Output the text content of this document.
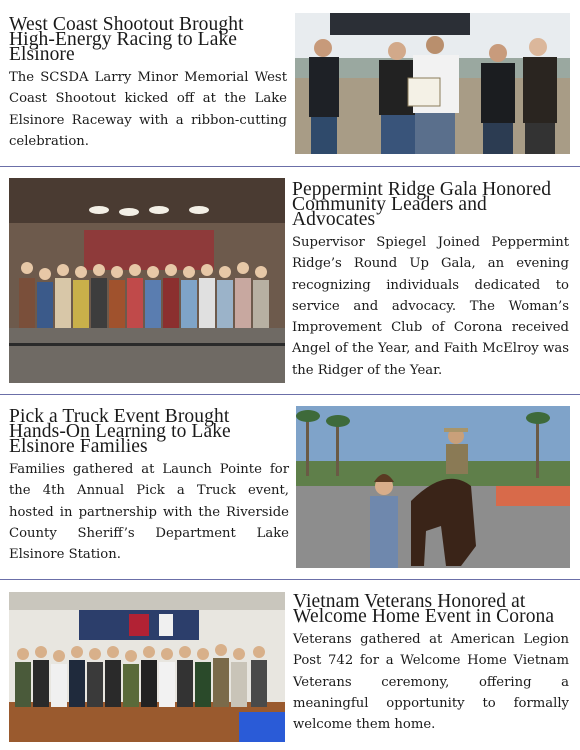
West Coast Shootout Brought High-Energy Racing to Lake Elsinore

The SCSDA Larry Minor Memorial West Coast Shootout kicked off at the Lake Elsinore Raceway with a ribbon-cutting celebration.

Peppermint Ridge Gala Honored Community Leaders and Advocates

Supervisor Spiegel Joined Peppermint Ridge’s Round Up Gala, an evening recognizing individuals dedicated to service and advocacy. The Woman’s Improvement Club of Corona received Angel of the Year, and Faith McElroy was the Ridger of the Year.

Pick a Truck Event Brought Hands-On Learning to Lake Elsinore Families

Families gathered at Launch Pointe for the 4th Annual Pick a Truck event, hosted in partnership with the Riverside County Sheriff’s Department Lake Elsinore Station.

Vietnam Veterans Honored at Welcome Home Event in Corona

Veterans gathered at American Legion Post 742 for a Welcome Home Vietnam Veterans ceremony, offering a meaningful opportunity to formally welcome them home.
